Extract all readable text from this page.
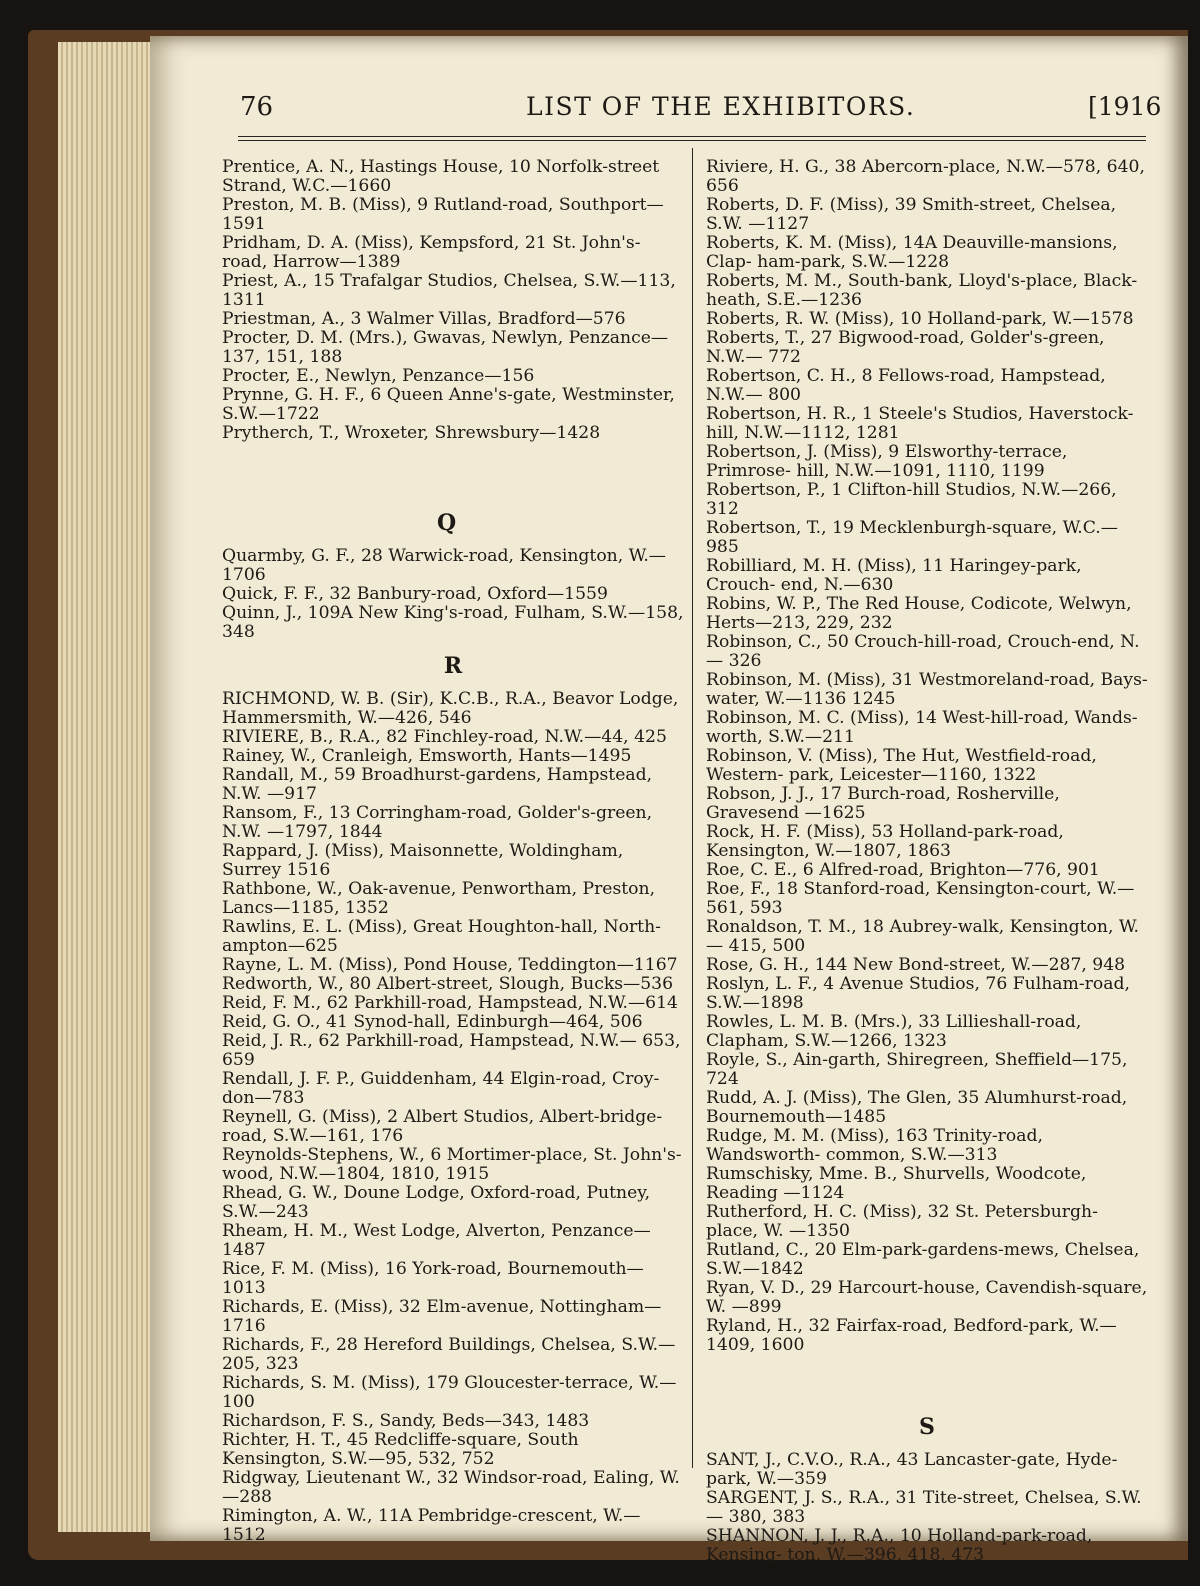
76	LIST OF THE EXHIBITORS.	[1916

Prentice, A. N., Hastings House, 10 Norfolk-street Strand, W.C.—1660

Preston, M. B. (Miss), 9 Rutland-road, Southport— 1591

Pridham, D. A. (Miss), Kempsford, 21 St. John's-road, Harrow—1389

Priest, A., 15 Trafalgar Studios, Chelsea, S.W.—113, 1311

Priestman, A., 3 Walmer Villas, Bradford—576

Procter, D. M. (Mrs.), Gwavas, Newlyn, Penzance— 137, 151, 188

Procter, E., Newlyn, Penzance—156

Prynne, G. H. F., 6 Queen Anne's-gate, Westminster, S.W.—1722

Prytherch, T., Wroxeter, Shrewsbury—1428

Q

Quarmby, G. F., 28 Warwick-road, Kensington, W.— 1706

Quick, F. F., 32 Banbury-road, Oxford—1559

Quinn, J., 109A New King's-road, Fulham, S.W.—158, 348

R

RICHMOND, W. B. (Sir), K.C.B., R.A., Beavor Lodge, Hammersmith, W.—426, 546

RIVIERE, B., R.A., 82 Finchley-road, N.W.—44, 425

Rainey, W., Cranleigh, Emsworth, Hants—1495

Randall, M., 59 Broadhurst-gardens, Hampstead, N.W. —917

Ransom, F., 13 Corringham-road, Golder's-green, N.W. —1797, 1844

Rappard, J. (Miss), Maisonnette, Woldingham, Surrey 1516

Rathbone, W., Oak-avenue, Penwortham, Preston, Lancs—1185, 1352

Rawlins, E. L. (Miss), Great Houghton-hall, North- ampton—625

Rayne, L. M. (Miss), Pond House, Teddington—1167

Redworth, W., 80 Albert-street, Slough, Bucks—536

Reid, F. M., 62 Parkhill-road, Hampstead, N.W.—614

Reid, G. O., 41 Synod-hall, Edinburgh—464, 506

Reid, J. R., 62 Parkhill-road, Hampstead, N.W.— 653, 659

Rendall, J. F. P., Guiddenham, 44 Elgin-road, Croy- don—783

Reynell, G. (Miss), 2 Albert Studios, Albert-bridge- road, S.W.—161, 176

Reynolds-Stephens, W., 6 Mortimer-place, St. John's- wood, N.W.—1804, 1810, 1915

Rhead, G. W., Doune Lodge, Oxford-road, Putney, S.W.—243

Rheam, H. M., West Lodge, Alverton, Penzance—1487

Rice, F. M. (Miss), 16 York-road, Bournemouth—1013

Richards, E. (Miss), 32 Elm-avenue, Nottingham— 1716

Richards, F., 28 Hereford Buildings, Chelsea, S.W.— 205, 323

Richards, S. M. (Miss), 179 Gloucester-terrace, W.— 100

Richardson, F. S., Sandy, Beds—343, 1483

Richter, H. T., 45 Redcliffe-square, South Kensington, S.W.—95, 532, 752

Ridgway, Lieutenant W., 32 Windsor-road, Ealing, W.—288

Rimington, A. W., 11A Pembridge-crescent, W.—1512

Riviere, H. G., 38 Abercorn-place, N.W.—578, 640, 656

Roberts, D. F. (Miss), 39 Smith-street, Chelsea, S.W. —1127

Roberts, K. M. (Miss), 14A Deauville-mansions, Clap- ham-park, S.W.—1228

Roberts, M. M., South-bank, Lloyd's-place, Black- heath, S.E.—1236

Roberts, R. W. (Miss), 10 Holland-park, W.—1578

Roberts, T., 27 Bigwood-road, Golder's-green, N.W.— 772

Robertson, C. H., 8 Fellows-road, Hampstead, N.W.— 800

Robertson, H. R., 1 Steele's Studios, Haverstock-hill, N.W.—1112, 1281

Robertson, J. (Miss), 9 Elsworthy-terrace, Primrose- hill, N.W.—1091, 1110, 1199

Robertson, P., 1 Clifton-hill Studios, N.W.—266, 312

Robertson, T., 19 Mecklenburgh-square, W.C.—985

Robilliard, M. H. (Miss), 11 Haringey-park, Crouch- end, N.—630

Robins, W. P., The Red House, Codicote, Welwyn, Herts—213, 229, 232

Robinson, C., 50 Crouch-hill-road, Crouch-end, N.— 326

Robinson, M. (Miss), 31 Westmoreland-road, Bays- water, W.—1136 1245

Robinson, M. C. (Miss), 14 West-hill-road, Wands- worth, S.W.—211

Robinson, V. (Miss), The Hut, Westfield-road, Western- park, Leicester—1160, 1322

Robson, J. J., 17 Burch-road, Rosherville, Gravesend —1625

Rock, H. F. (Miss), 53 Holland-park-road, Kensington, W.—1807, 1863

Roe, C. E., 6 Alfred-road, Brighton—776, 901

Roe, F., 18 Stanford-road, Kensington-court, W.—561, 593

Ronaldson, T. M., 18 Aubrey-walk, Kensington, W.— 415, 500

Rose, G. H., 144 New Bond-street, W.—287, 948

Roslyn, L. F., 4 Avenue Studios, 76 Fulham-road, S.W.—1898

Rowles, L. M. B. (Mrs.), 33 Lillieshall-road, Clapham, S.W.—1266, 1323

Royle, S., Ain-garth, Shiregreen, Sheffield—175, 724

Rudd, A. J. (Miss), The Glen, 35 Alumhurst-road, Bournemouth—1485

Rudge, M. M. (Miss), 163 Trinity-road, Wandsworth- common, S.W.—313

Rumschisky, Mme. B., Shurvells, Woodcote, Reading —1124

Rutherford, H. C. (Miss), 32 St. Petersburgh-place, W. —1350

Rutland, C., 20 Elm-park-gardens-mews, Chelsea, S.W.—1842

Ryan, V. D., 29 Harcourt-house, Cavendish-square, W. —899

Ryland, H., 32 Fairfax-road, Bedford-park, W.—1409, 1600

S

SANT, J., C.V.O., R.A., 43 Lancaster-gate, Hyde-park, W.—359

SARGENT, J. S., R.A., 31 Tite-street, Chelsea, S.W.— 380, 383

SHANNON, J. J., R.A., 10 Holland-park-road, Kensing- ton, W.—396, 418, 473
